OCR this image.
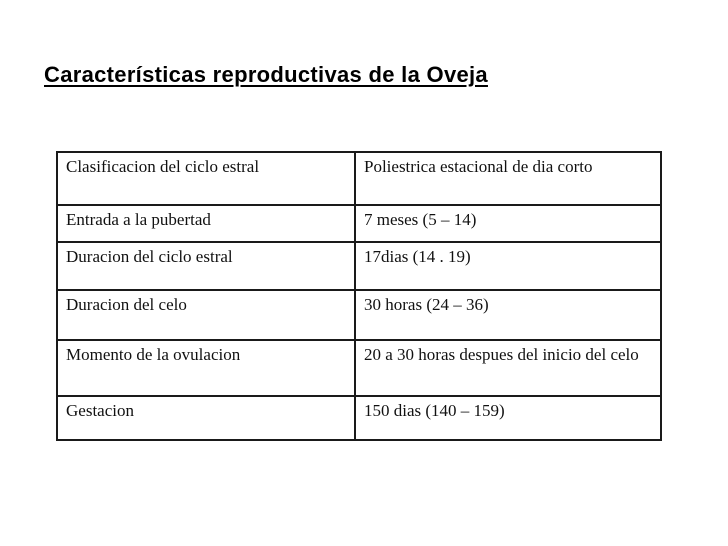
Características reproductivas de la Oveja
Clasificacion del ciclo estral	Poliestrica estacional de dia corto
Entrada a la pubertad	7 meses (5 – 14)
Duracion del ciclo estral	17dias (14 . 19)
Duracion del celo	30 horas (24 – 36)
Momento de la ovulacion	20 a 30 horas despues del inicio del celo
Gestacion	150 dias (140 – 159)
